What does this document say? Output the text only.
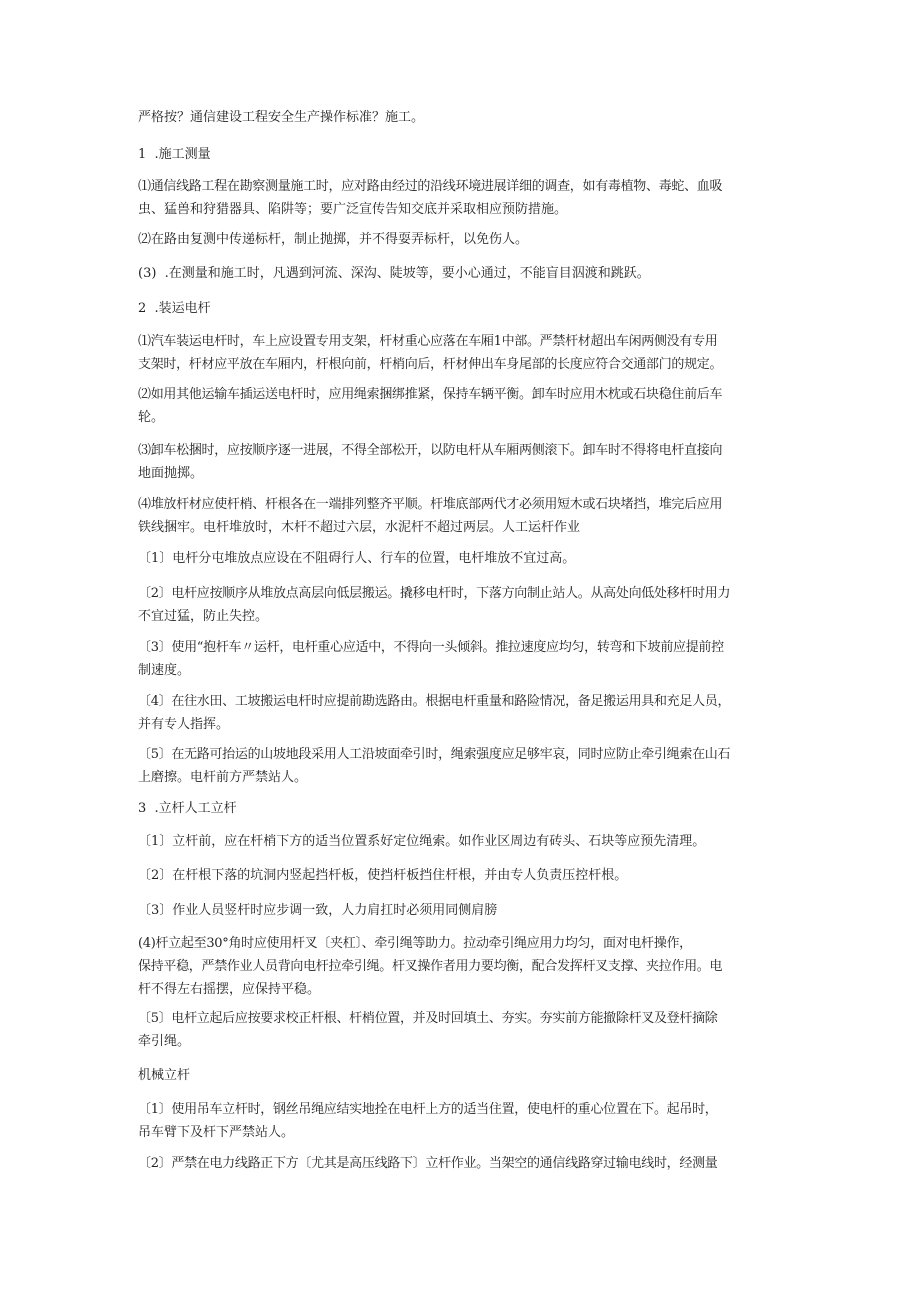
严格按？通信建设工程安全生产操作标准？施工。
1  .施工测量
⑴通信线路工程在勘察测量施工时，应对路由经过的沿线环境进展详细的调查，如有毒植物、毒蛇、血吸
虫、猛兽和狩猎器具、陷阱等；要广泛宣传告知交底并采取相应预防措施。
⑵在路由复测中传递标杆，制止抛掷，并不得耍弄标杆，以免伤人。
(3)  .在测量和施工时，凡遇到河流、深沟、陡坡等，要小心通过，不能盲目泅渡和跳跃。
2  .装运电杆
⑴汽车装运电杆时，车上应设置专用支架，杆材重心应落在车厢1中部。严禁杆材超出车闲两侧没有专用
支架时，杆材应平放在车厢内，杆根向前，杆梢向后，杆材伸出车身尾部的长度应符合交通部门的规定。
⑵如用其他运输车插运送电杆时，应用绳索捆绑推紧，保持车辆平衡。卸车时应用木枕或石块稳住前后车
轮。
⑶卸车松捆时，应按顺序逐一进展，不得全部松开，以防电杆从车厢两侧滚下。卸车时不得将电杆直接向
地面抛掷。
⑷堆放杆材应使杆梢、杆根各在一端排列整齐平顺。杆堆底部两代才必须用短木或石块堵挡，堆完后应用
铁线捆牢。电杆堆放时，木杆不超过六层，水泥杆不超过两层。人工运杆作业
〔1〕电杆分屯堆放点应设在不阻碍行人、行车的位置，电杆堆放不宜过高。
〔2〕电杆应按顺序从堆放点高层向低层搬运。撬移电杆时，下落方向制止站人。从高处向低处移杆时用力
不宜过猛，防止失控。
〔3〕使用“抱杆车〃运杆，电杆重心应适中，不得向一头倾斜。推拉速度应均匀，转弯和下坡前应提前控
制速度。
〔4〕在往水田、工坡搬运电杆时应提前勘选路由。根据电杆重量和路险情况，备足搬运用具和充足人员，
并有专人指挥。
〔5〕在无路可抬运的山坡地段采用人工沿坡面牵引时，绳索强度应足够牢哀，同时应防止牵引绳索在山石
上磨擦。电杆前方严禁站人。
3  .立杆人工立杆
〔1〕立杆前，应在杆梢下方的适当位置系好定位绳索。如作业区周边有砖头、石块等应预先清理。
〔2〕在杆根下落的坑洞内竖起挡杆板，使挡杆板挡住杆根，并由专人负责压控杆根。
〔3〕作业人员竖杆时应步调一致，人力肩扛时必须用同侧肩膀
(4)杆立起至30°角时应使用杆叉〔夹杠〕、牵引绳等助力。拉动牵引绳应用力均匀，面对电杆操作，
保持平稳，严禁作业人员背向电杆拉牵引绳。杆叉操作者用力要均衡，配合发挥杆叉支撑、夹拉作用。电
杆不得左右摇摆，应保持平稳。
〔5〕电杆立起后应按要求校正杆根、杆梢位置，并及时回填土、夯实。夯实前方能撤除杆叉及登杆摘除
牵引绳。
机械立杆
〔1〕使用吊车立杆时，钢丝吊绳应结实地拴在电杆上方的适当住置，使电杆的重心位置在下。起吊时，
吊车臂下及杆下严禁站人。
〔2〕严禁在电力线路正下方〔尤其是高压线路下〕立杆作业。当架空的通信线路穿过输电线时，经测量
